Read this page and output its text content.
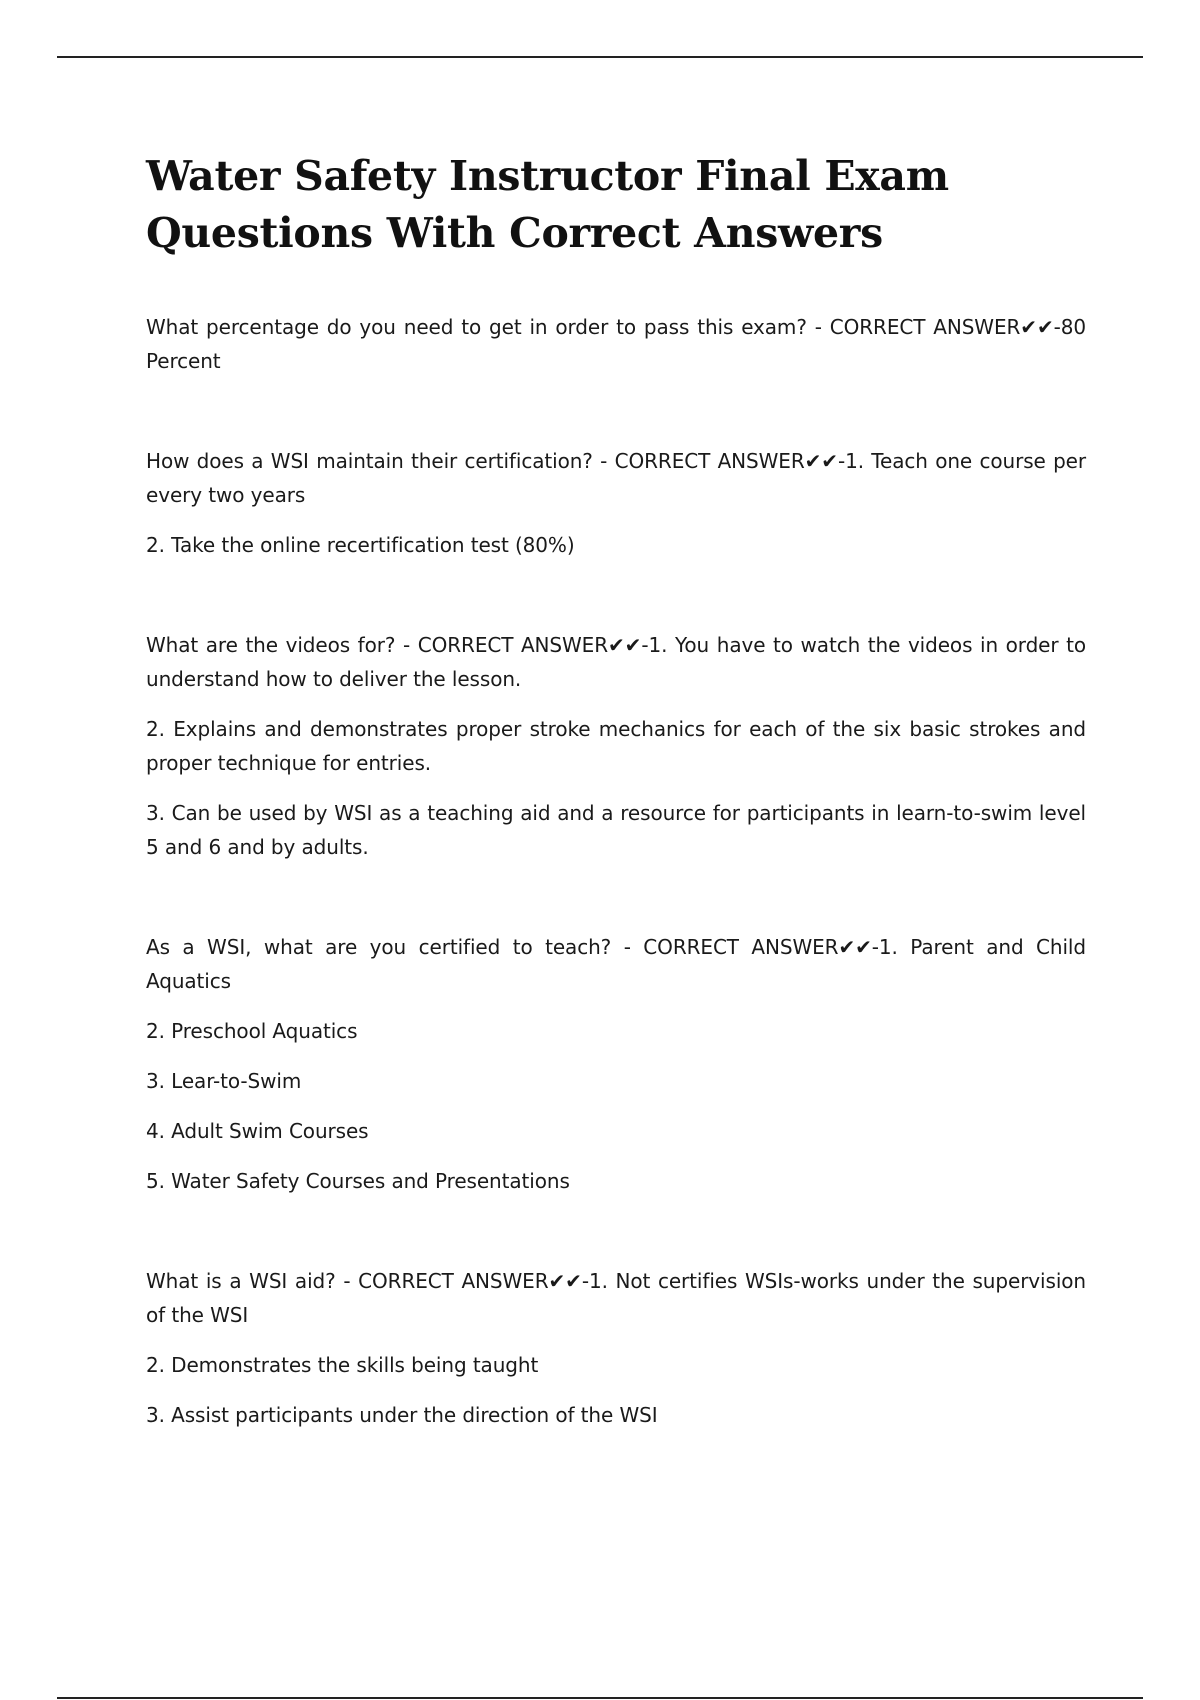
Water Safety Instructor Final Exam Questions With Correct Answers

What percentage do you need to get in order to pass this exam? - CORRECT ANSWER✔✔-80 Percent

How does a WSI maintain their certification? - CORRECT ANSWER✔✔-1. Teach one course per every two years

2. Take the online recertification test (80%)

What are the videos for? - CORRECT ANSWER✔✔-1. You have to watch the videos in order to understand how to deliver the lesson.

2. Explains and demonstrates proper stroke mechanics for each of the six basic strokes and proper technique for entries.

3. Can be used by WSI as a teaching aid and a resource for participants in learn-to-swim level 5 and 6 and by adults.

As a WSI, what are you certified to teach? - CORRECT ANSWER✔✔-1. Parent and Child Aquatics

2. Preschool Aquatics

3. Lear-to-Swim

4. Adult Swim Courses

5. Water Safety Courses and Presentations

What is a WSI aid? - CORRECT ANSWER✔✔-1. Not certifies WSIs-works under the supervision of the WSI

2. Demonstrates the skills being taught

3. Assist participants under the direction of the WSI
